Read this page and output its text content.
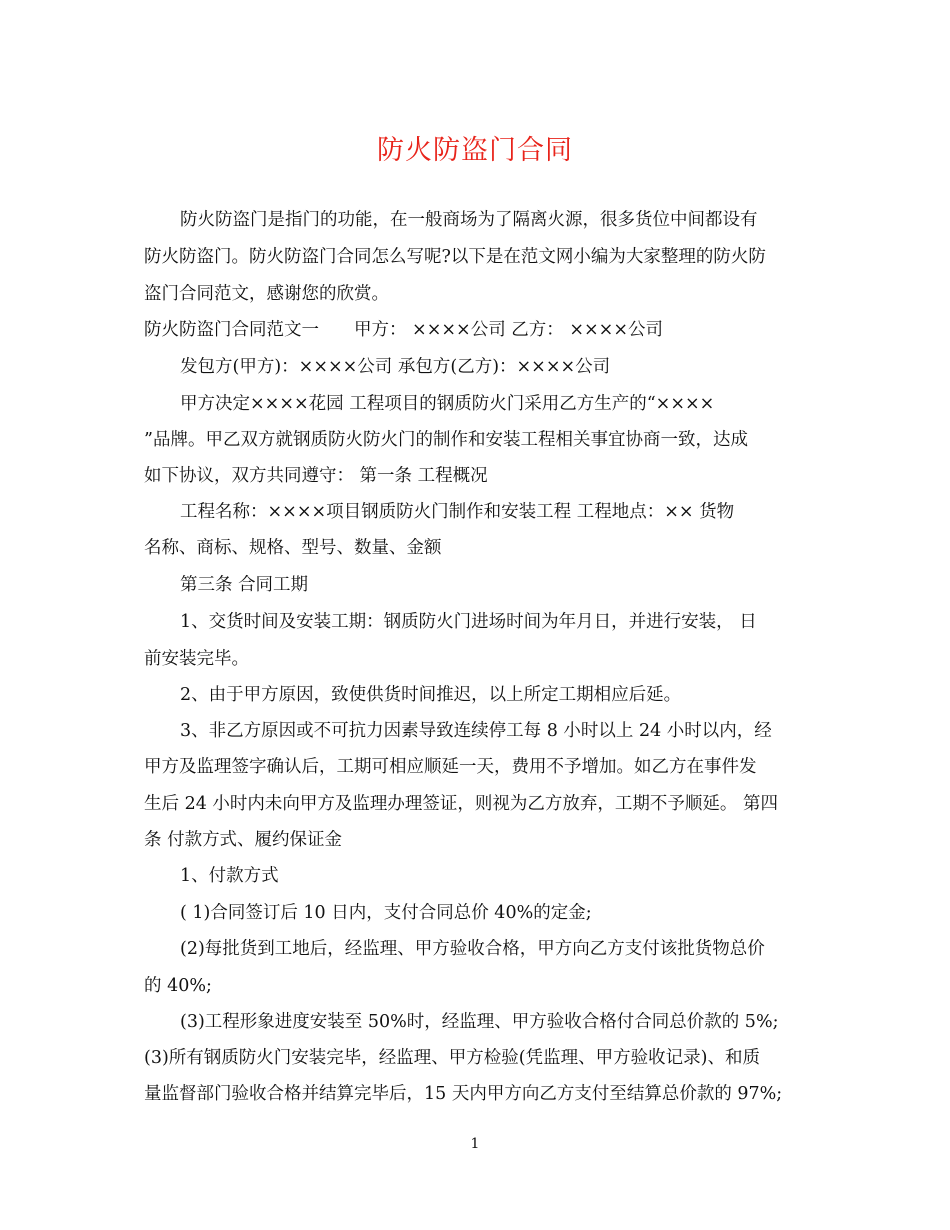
防火防盗门合同

防火防盗门是指门的功能，在一般商场为了隔离火源，很多货位中间都设有

防火防盗门。防火防盗门合同怎么写呢?以下是在范文网小编为大家整理的防火防

盗门合同范文，感谢您的欣赏。

防火防盗门合同范文一　　甲方： ××××公司 乙方： ××××公司

发包方(甲方)：××××公司 承包方(乙方)：××××公司

甲方决定××××花园 工程项目的钢质防火门采用乙方生产的“××××

”品牌。甲乙双方就钢质防火防火门的制作和安装工程相关事宜协商一致，达成

如下协议，双方共同遵守： 第一条 工程概况

工程名称：××××项目钢质防火门制作和安装工程 工程地点：×× 货物

名称、商标、规格、型号、数量、金额

第三条 合同工期

1、交货时间及安装工期：钢质防火门进场时间为年月日，并进行安装， 日

前安装完毕。

2、由于甲方原因，致使供货时间推迟，以上所定工期相应后延。

3、非乙方原因或不可抗力因素导致连续停工每 8 小时以上 24 小时以内，经

甲方及监理签字确认后，工期可相应顺延一天，费用不予增加。如乙方在事件发

生后 24 小时内未向甲方及监理办理签证，则视为乙方放弃，工期不予顺延。 第四

条 付款方式、履约保证金

1、付款方式

( 1)合同签订后 10 日内，支付合同总价 40%的定金;

(2)每批货到工地后，经监理、甲方验收合格，甲方向乙方支付该批货物总价

的 40%;

(3)工程形象进度安装至 50%时，经监理、甲方验收合格付合同总价款的 5%;

(3)所有钢质防火门安装完毕，经监理、甲方检验(凭监理、甲方验收记录)、和质

量监督部门验收合格并结算完毕后，15 天内甲方向乙方支付至结算总价款的 97%;

1
